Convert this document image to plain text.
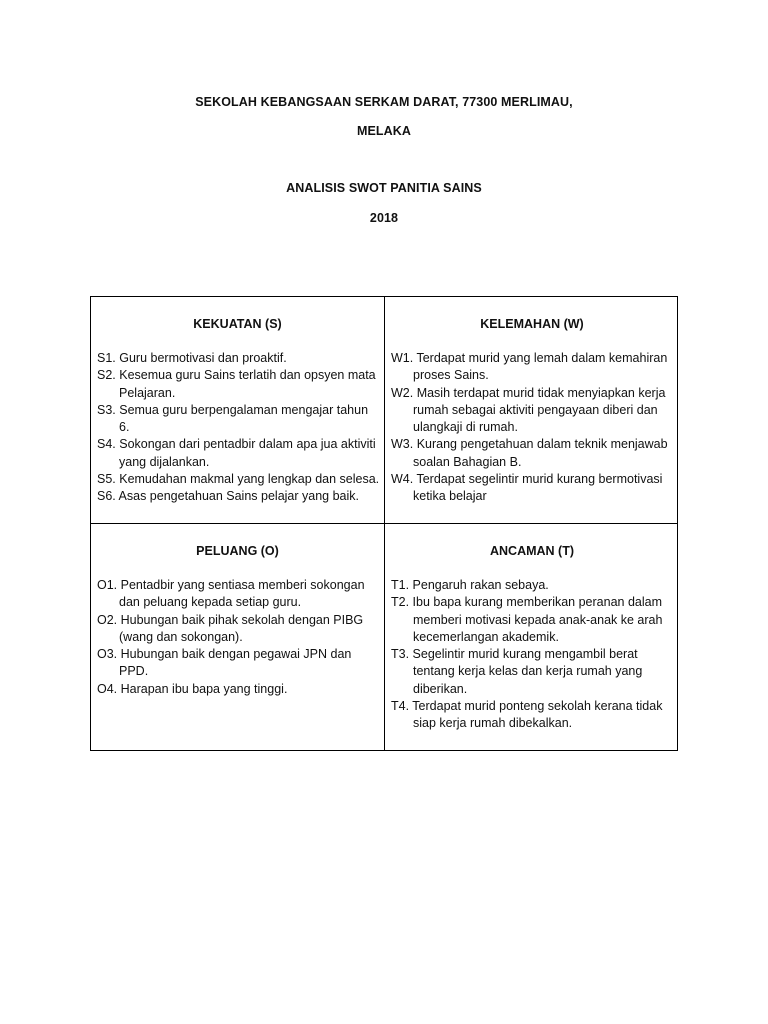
SEKOLAH KEBANGSAAN SERKAM DARAT, 77300 MERLIMAU,
MELAKA
ANALISIS SWOT PANITIA SAINS
2018
KEKUATAN (S)
S1. Guru bermotivasi dan proaktif.
S2. Kesemua guru Sains terlatih dan opsyen mata Pelajaran.
S3. Semua guru berpengalaman mengajar tahun 6.
S4. Sokongan dari pentadbir dalam apa jua aktiviti yang dijalankan.
S5. Kemudahan makmal yang lengkap dan selesa.
S6. Asas pengetahuan Sains pelajar yang baik.
KELEMAHAN (W)
W1. Terdapat murid yang lemah dalam kemahiran proses Sains.
W2. Masih terdapat murid tidak menyiapkan kerja rumah sebagai aktiviti pengayaan diberi dan ulangkaji di rumah.
W3. Kurang pengetahuan dalam teknik menjawab soalan Bahagian B.
W4. Terdapat segelintir murid kurang bermotivasi ketika belajar
PELUANG (O)
O1. Pentadbir yang sentiasa memberi sokongan dan peluang kepada setiap guru.
O2. Hubungan baik pihak sekolah dengan PIBG (wang dan sokongan).
O3. Hubungan baik dengan pegawai JPN dan PPD.
O4. Harapan ibu bapa yang tinggi.
ANCAMAN (T)
T1. Pengaruh rakan sebaya.
T2. Ibu bapa kurang memberikan peranan dalam memberi motivasi kepada anak-anak ke arah kecemerlangan akademik.
T3. Segelintir murid kurang mengambil berat tentang kerja kelas dan kerja rumah yang diberikan.
T4. Terdapat murid ponteng sekolah kerana tidak siap kerja rumah dibekalkan.
